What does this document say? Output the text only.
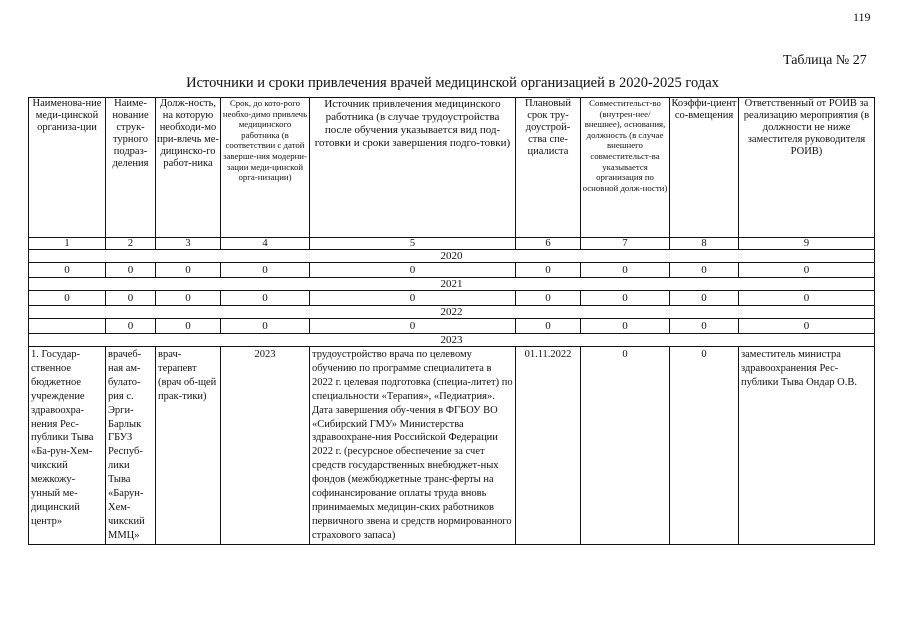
119
Таблица № 27
Источники и сроки привлечения врачей медицинской организацией в 2020-2025 годах
Наименова-ние меди-цинской организа-ции	Наиме-нование струк-турного подраз-деления	Долж-ность, на которую необходи-мо при-влечь ме-дицинско-го работ-ника	Срок, до кото-рого необхо-димо привлечь медицинского работника (в соответствии с датой заверше-ния модерни-зации меди-цинской орга-низации)	Источник привлечения медицинского работника (в случае трудоустройства после обучения указывается вид под-готовки и сроки завершения подго-товки)	Плановый срок тру-доустрой-ства спе-циалиста	Совместительст-во (внутрен-нее/внешнее), основания, должность (в случае внешнего совместительст-ва указывается организация по основной долж-ности)	Коэффи-циент со-вмещения	Ответственный от РОИВ за реализацию мероприятия (в должности не ниже заместителя руководителя РОИВ)
1	2	3	4	5	6	7	8	9
2020								
0	0	0	0	0	0	0	0	0
2021								
0	0	0	0	0	0	0	0	0
2022								
	0	0	0	0	0	0	0	0
2023								
1. Государ-ственное бюджетное учреждение здравоохра-нения Рес-публики Тыва «Ба-рун-Хем-чикский межкожу-унный ме-дицинский центр»	врачеб-ная ам-булато-рия с. Эрги-Барлык ГБУЗ Респуб-лики Тыва «Барун-Хем-чикский ММЦ»	врач-терапевт (врач об-щей прак-тики)	2023	трудоустройство врача по целевому обучению по программе специалитета в 2022 г. целевая подготовка (специа-литет) по специальности «Терапия», «Педиатрия». Дата завершения обу-чения в ФГБОУ ВО «Сибирский ГМУ» Министерства здравоохране-ния Российской Федерации 2022 г. (ресурсное обеспечение за счет средств государственных внебюджет-ных фондов (межбюджетные транс-ферты на софинансирование оплаты труда вновь принимаемых медицин-ских работников первичного звена и средств нормированного страхового запаса)	01.11.2022	0	0	заместитель министра здравоохранения Рес-публики Тыва Ондар О.В.
